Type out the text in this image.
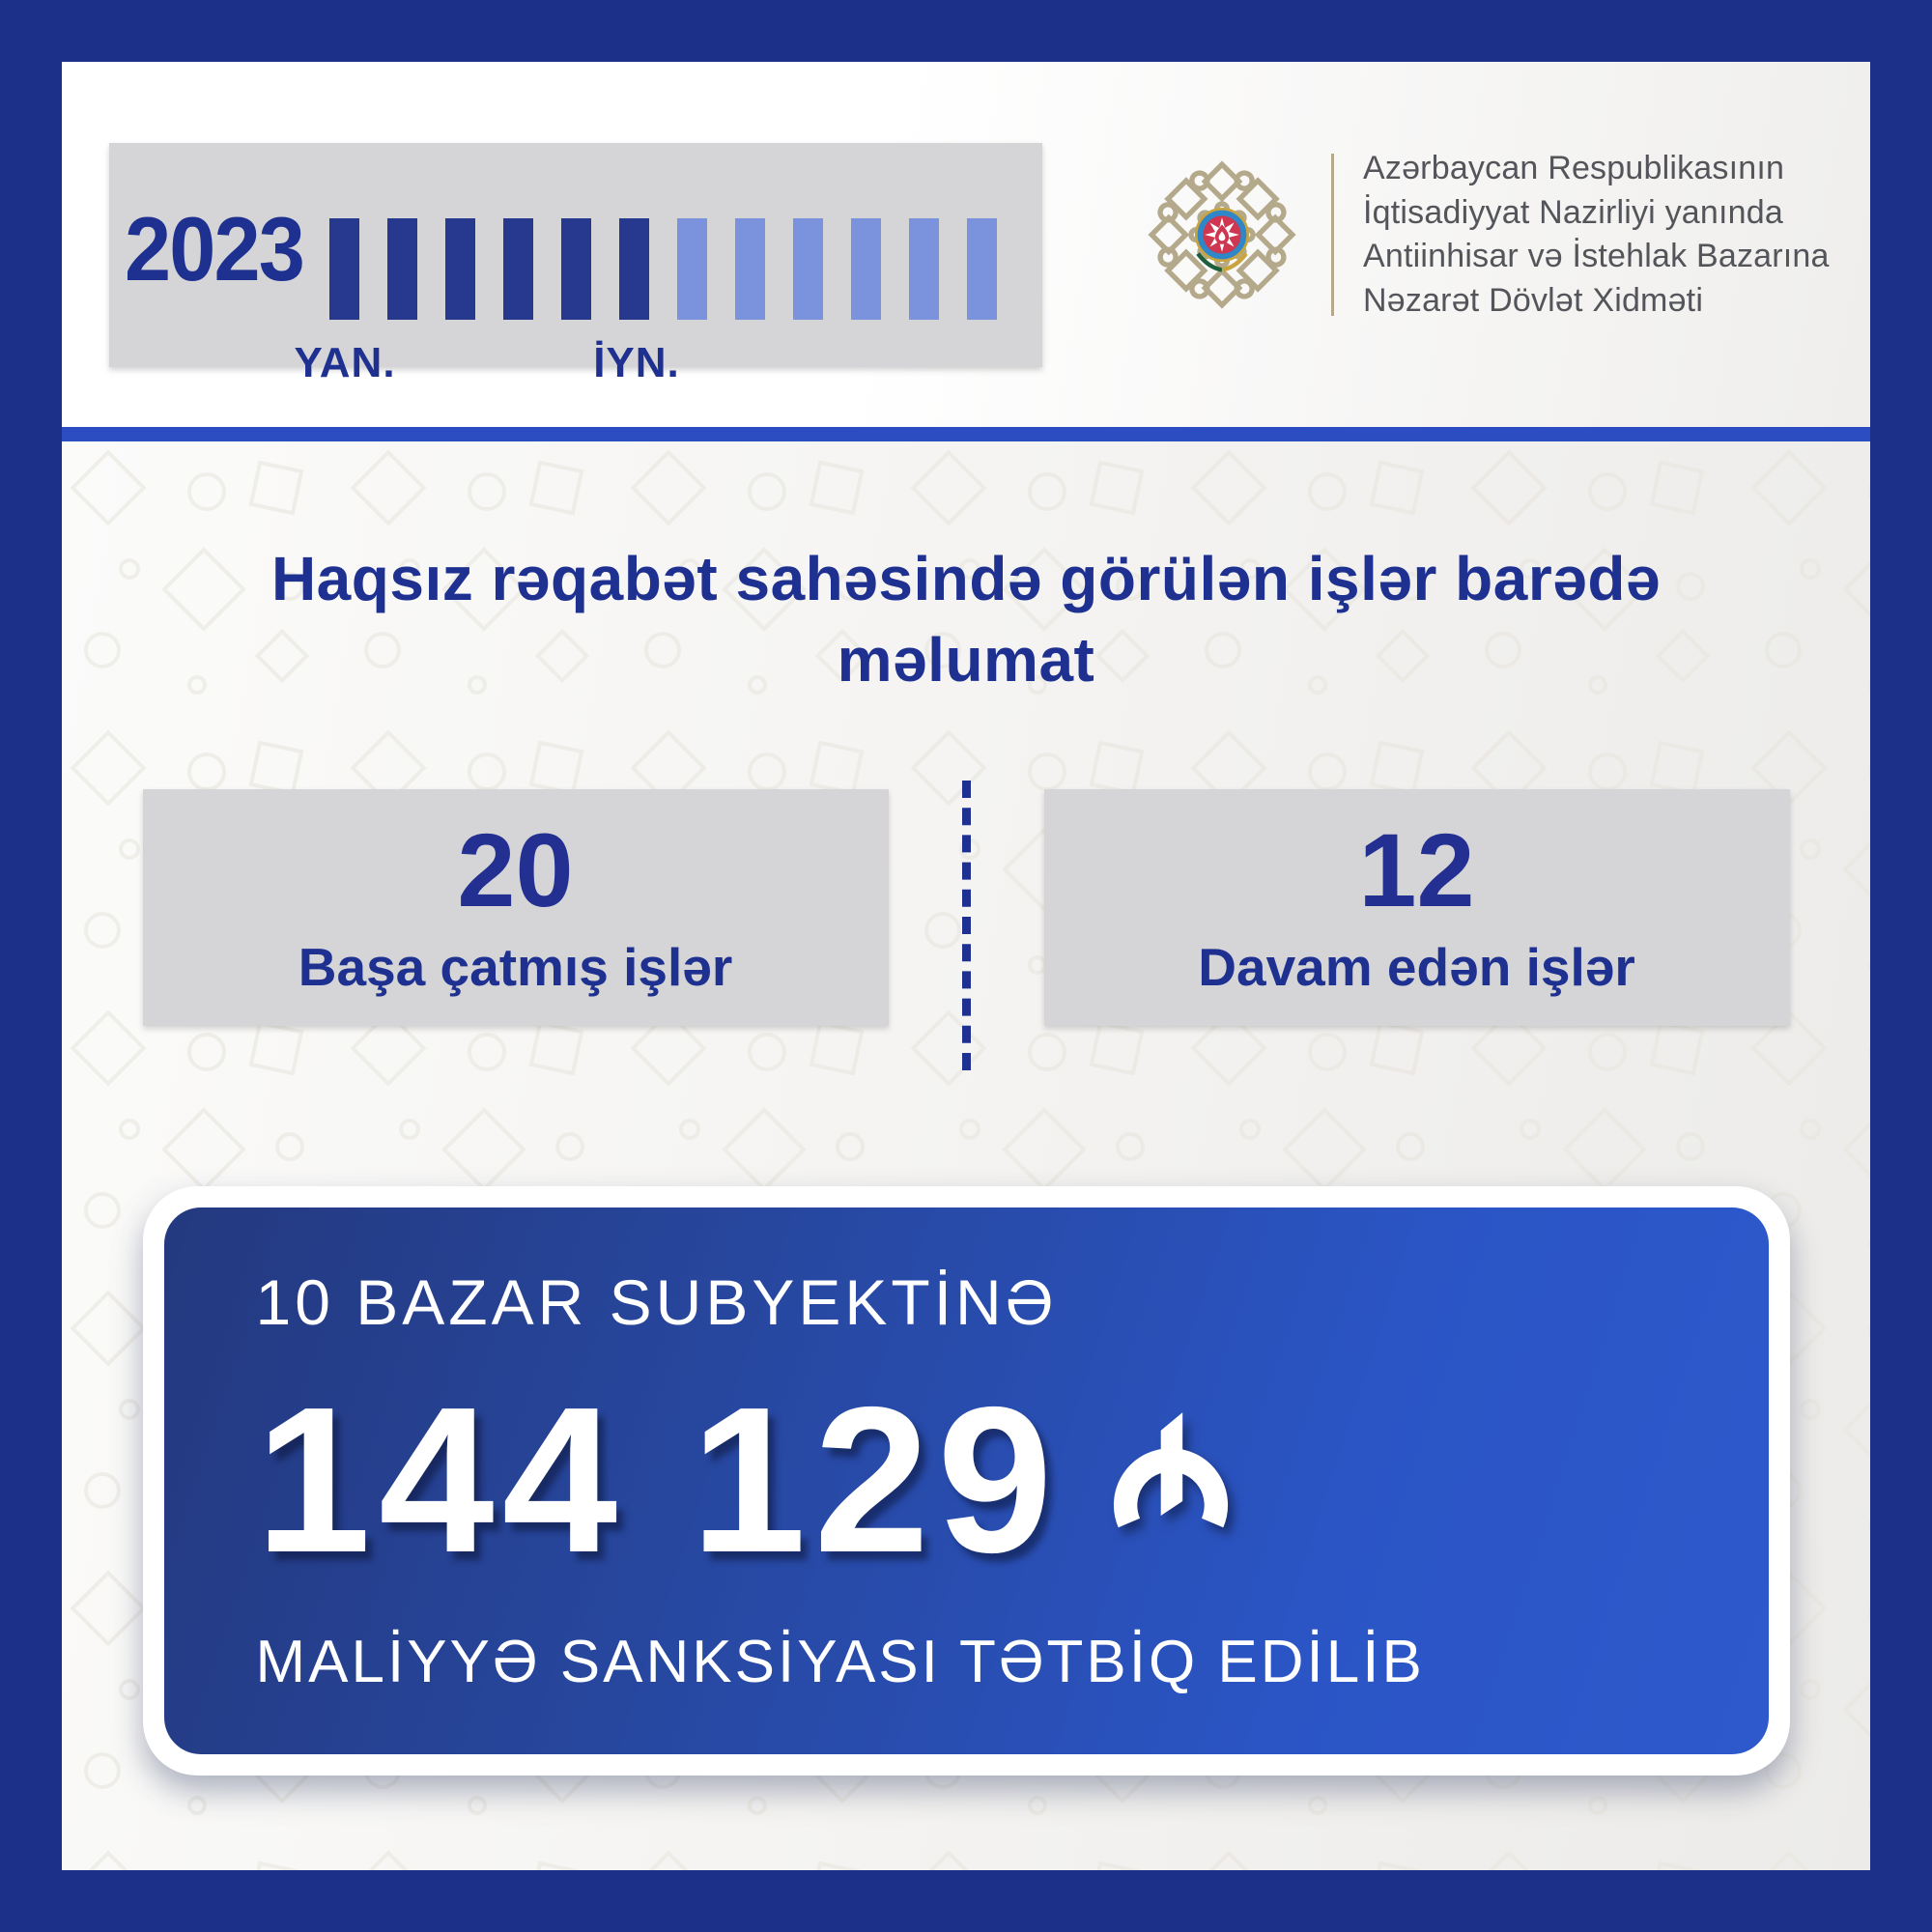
2023
YAN.	İYN.
Azərbaycan Respublikasının
İqtisadiyyat Nazirliyi yanında
Antiinhisar və İstehlak Bazarına
Nəzarət Dövlət Xidməti
Haqsız rəqabət sahəsində görülən işlər barədə məlumat
20
Başa çatmış işlər
12
Davam edən işlər
10 BAZAR SUBYEKTİNƏ
144 129
MALİYYƏ SANKSİYASI TƏTBİQ EDİLİB
